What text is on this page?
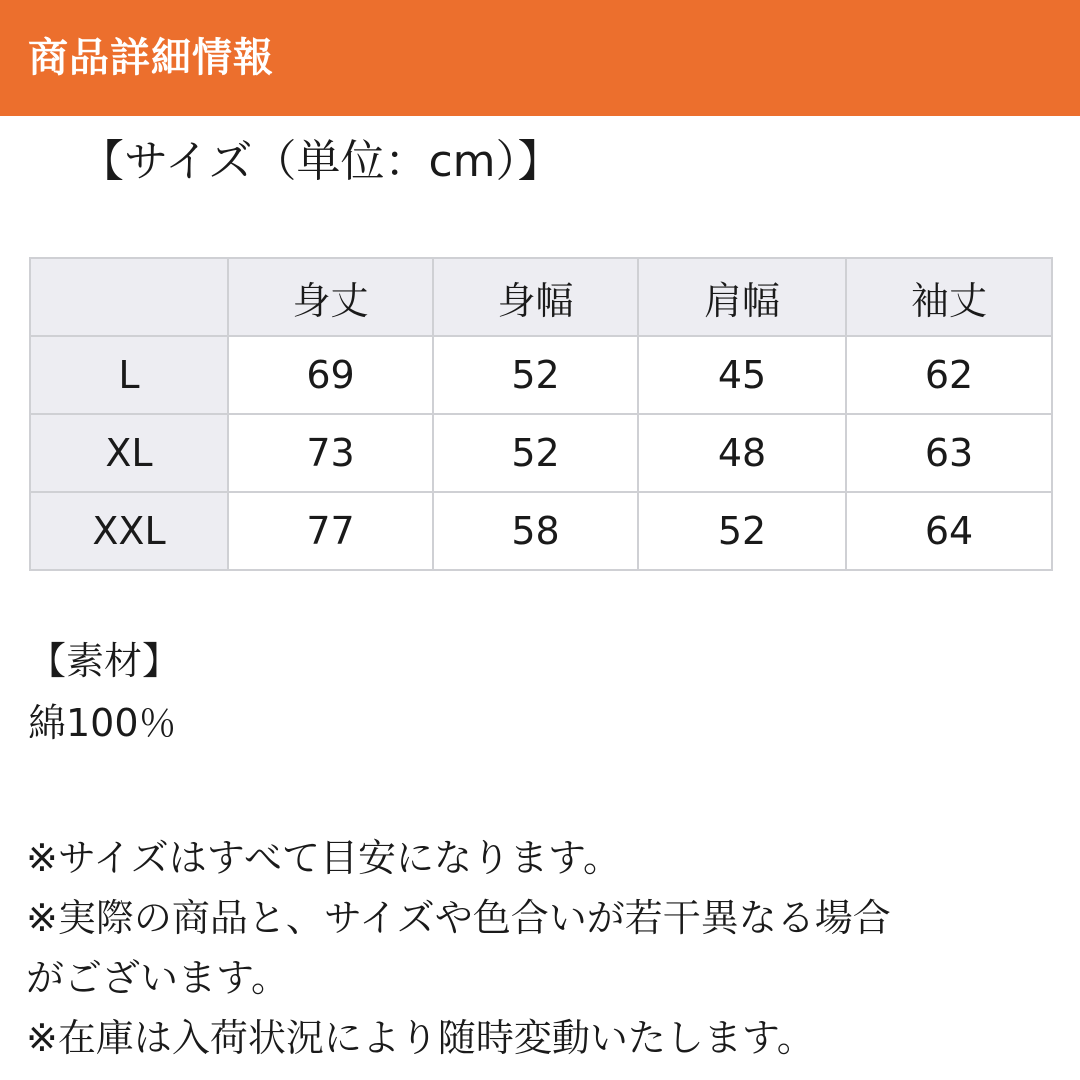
商品詳細情報
【サイズ（単位：cm）】
	身丈	身幅	肩幅	袖丈
L	69	52	45	62
XL	73	52	48	63
XXL	77	58	52	64
【素材】
綿100％
※サイズはすべて目安になります。
※実際の商品と、サイズや色合いが若干異なる場合
がございます。
※在庫は入荷状況により随時変動いたします。
